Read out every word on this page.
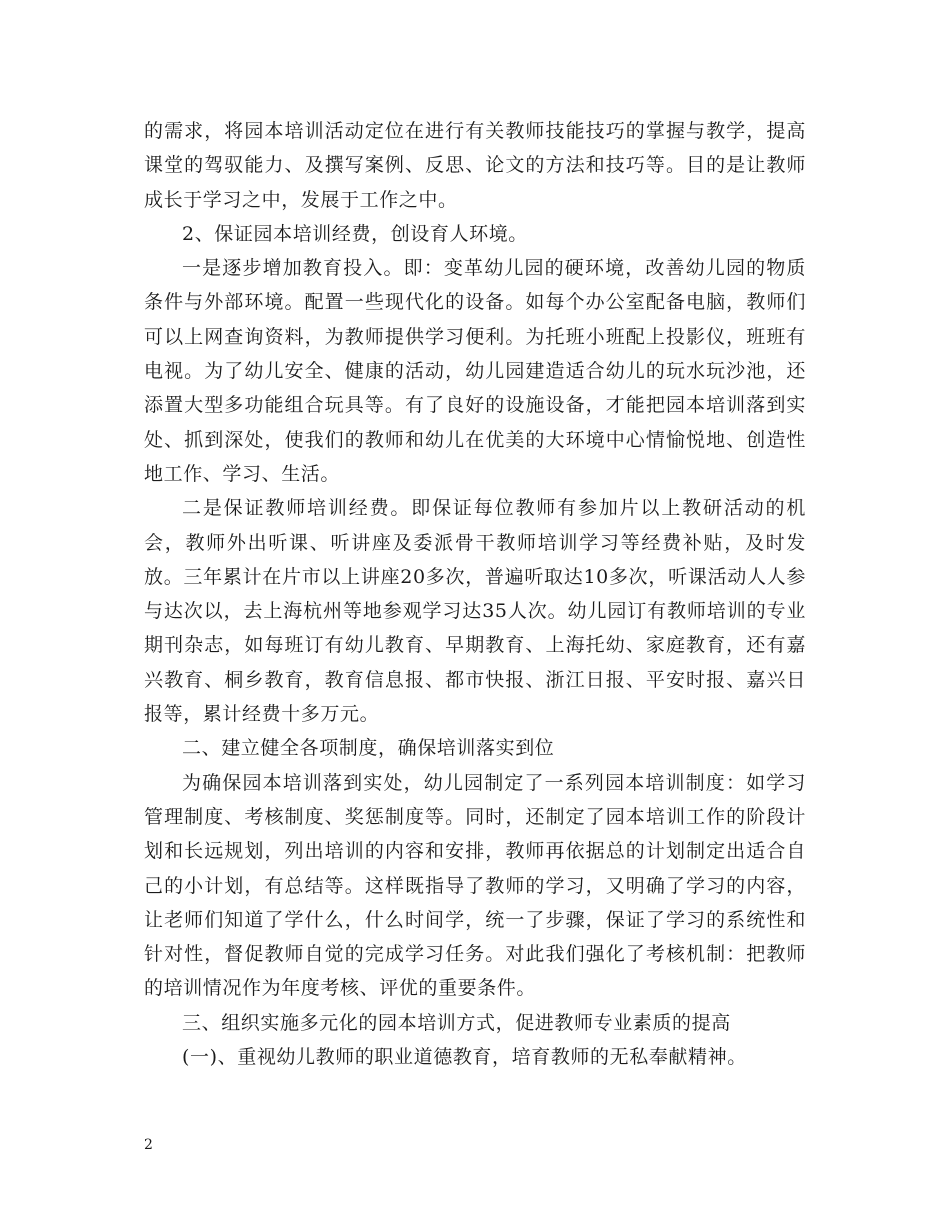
的需求，将园本培训活动定位在进行有关教师技能技巧的掌握与教学，提高课堂的驾驭能力、及撰写案例、反思、论文的方法和技巧等。目的是让教师成长于学习之中，发展于工作之中。

2、保证园本培训经费，创设育人环境。

一是逐步增加教育投入。即：变革幼儿园的硬环境，改善幼儿园的物质条件与外部环境。配置一些现代化的设备。如每个办公室配备电脑，教师们可以上网查询资料，为教师提供学习便利。为托班小班配上投影仪，班班有电视。为了幼儿安全、健康的活动，幼儿园建造适合幼儿的玩水玩沙池，还添置大型多功能组合玩具等。有了良好的设施设备，才能把园本培训落到实处、抓到深处，使我们的教师和幼儿在优美的大环境中心情愉悦地、创造性地工作、学习、生活。

二是保证教师培训经费。即保证每位教师有参加片以上教研活动的机会，教师外出听课、听讲座及委派骨干教师培训学习等经费补贴，及时发放。三年累计在片市以上讲座20多次，普遍听取达10多次，听课活动人人参与达次以，去上海杭州等地参观学习达35人次。幼儿园订有教师培训的专业期刊杂志，如每班订有幼儿教育、早期教育、上海托幼、家庭教育，还有嘉兴教育、桐乡教育，教育信息报、都市快报、浙江日报、平安时报、嘉兴日报等，累计经费十多万元。

二、建立健全各项制度，确保培训落实到位

为确保园本培训落到实处，幼儿园制定了一系列园本培训制度：如学习管理制度、考核制度、奖惩制度等。同时，还制定了园本培训工作的阶段计划和长远规划，列出培训的内容和安排，教师再依据总的计划制定出适合自己的小计划，有总结等。这样既指导了教师的学习，又明确了学习的内容，让老师们知道了学什么，什么时间学，统一了步骤，保证了学习的系统性和针对性，督促教师自觉的完成学习任务。对此我们强化了考核机制：把教师的培训情况作为年度考核、评优的重要条件。

三、组织实施多元化的园本培训方式，促进教师专业素质的提高

(一)、重视幼儿教师的职业道德教育，培育教师的无私奉献精神。

2
